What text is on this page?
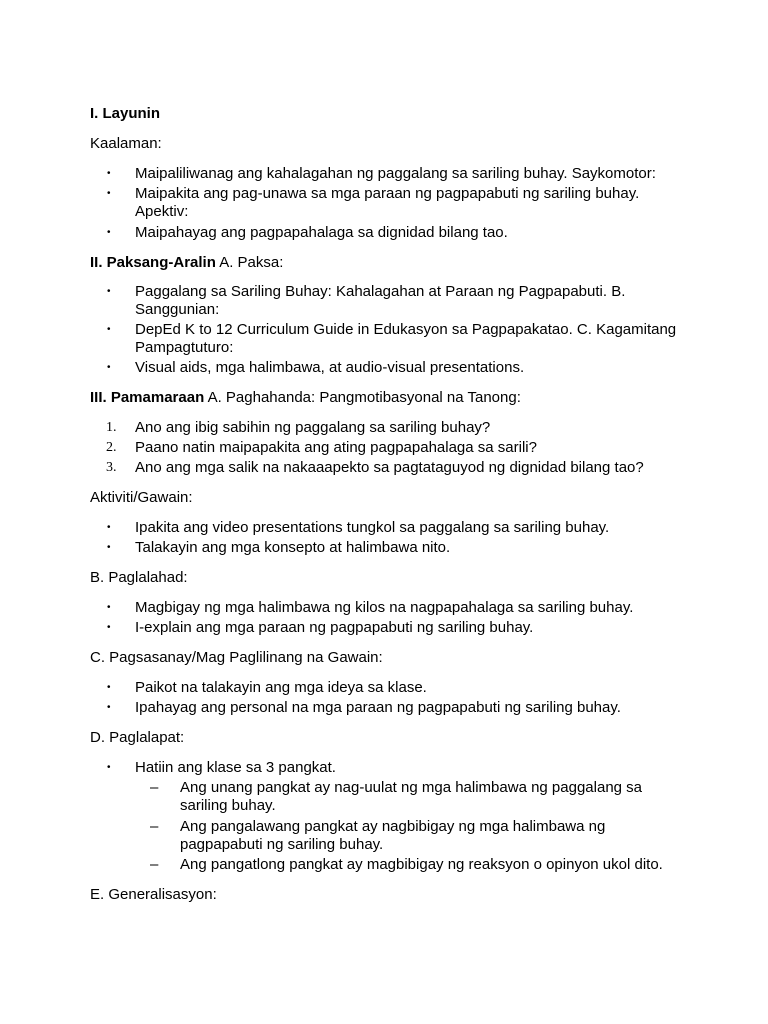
I. Layunin
Kaalaman:
• Maipaliliwanag ang kahalagahan ng paggalang sa sariling buhay. Saykomotor:
• Maipakita ang pag-unawa sa mga paraan ng pagpapabuti ng sariling buhay. Apektiv:
• Maipahayag ang pagpapahalaga sa dignidad bilang tao.
II. Paksang-Aralin A. Paksa:
• Paggalang sa Sariling Buhay: Kahalagahan at Paraan ng Pagpapabuti. B. Sanggunian:
• DepEd K to 12 Curriculum Guide in Edukasyon sa Pagpapakatao. C. Kagamitang Pampagtuturo:
• Visual aids, mga halimbawa, at audio-visual presentations.
III. Pamamaraan A. Paghahanda: Pangmotibasyonal na Tanong:
1. Ano ang ibig sabihin ng paggalang sa sariling buhay?
2. Paano natin maipapakita ang ating pagpapahalaga sa sarili?
3. Ano ang mga salik na nakaaapekto sa pagtataguyod ng dignidad bilang tao?
Aktiviti/Gawain:
• Ipakita ang video presentations tungkol sa paggalang sa sariling buhay.
• Talakayin ang mga konsepto at halimbawa nito.
B. Paglalahad:
• Magbigay ng mga halimbawa ng kilos na nagpapahalaga sa sariling buhay.
• I-explain ang mga paraan ng pagpapabuti ng sariling buhay.
C. Pagsasanay/Mag Paglilinang na Gawain:
• Paikot na talakayin ang mga ideya sa klase.
• Ipahayag ang personal na mga paraan ng pagpapabuti ng sariling buhay.
D. Paglalapat:
• Hatiin ang klase sa 3 pangkat.
– Ang unang pangkat ay nag-uulat ng mga halimbawa ng paggalang sa sariling buhay.
– Ang pangalawang pangkat ay nagbibigay ng mga halimbawa ng pagpapabuti ng sariling buhay.
– Ang pangatlong pangkat ay magbibigay ng reaksyon o opinyon ukol dito.
E. Generalisasyon:
